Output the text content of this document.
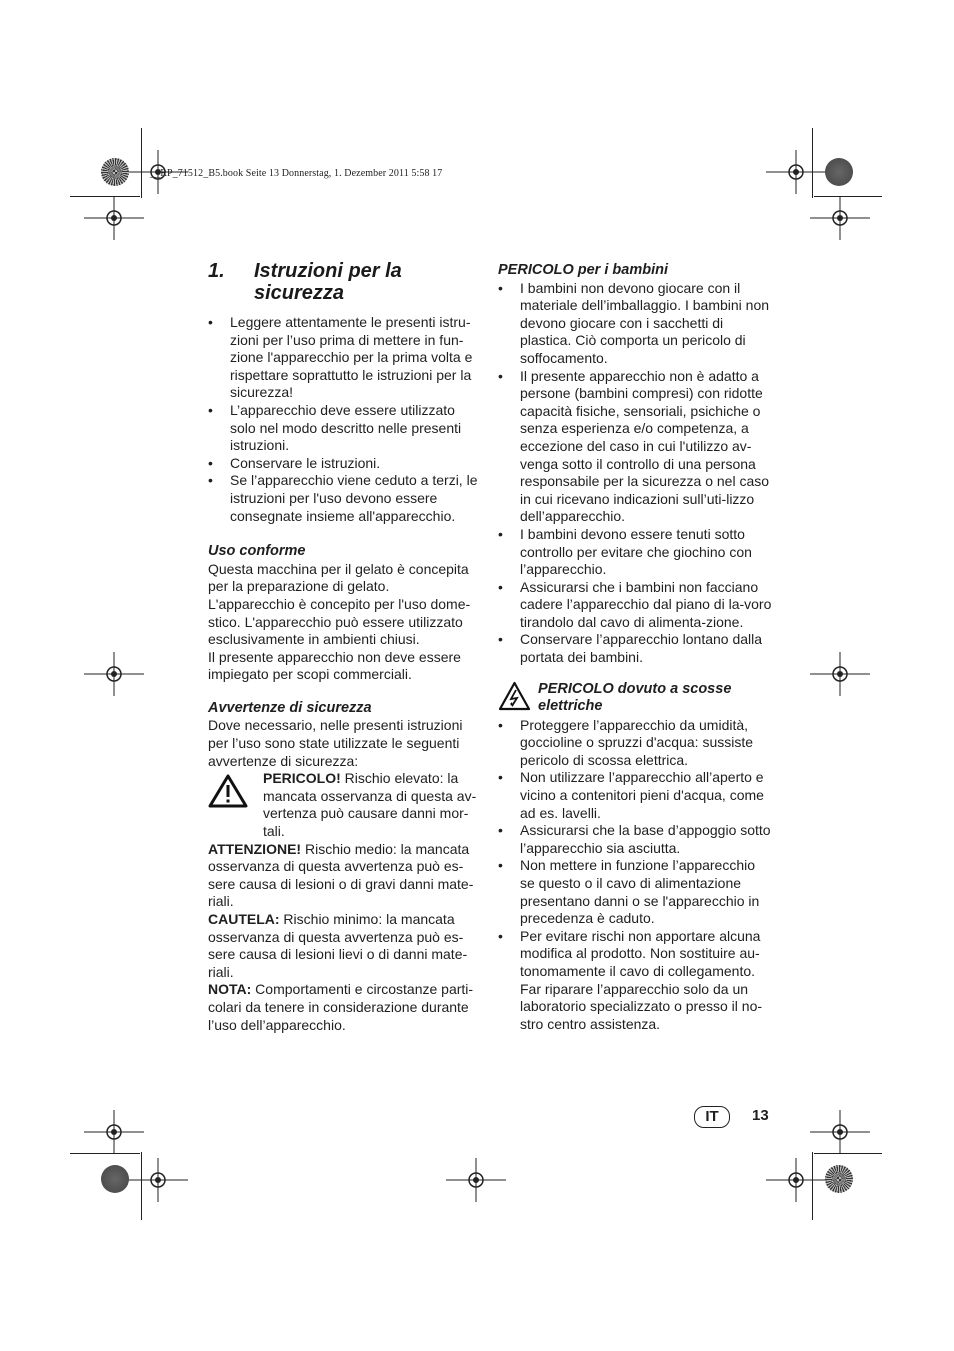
__RP_71512_B5.book Seite 13 Donnerstag, 1. Dezember 2011 5:58 17
1. Istruzioni per la sicurezza
• Leggere attentamente le presenti istru-zioni per l’uso prima di mettere in fun-zione l'apparecchio per la prima volta e rispettare soprattutto le istruzioni per la sicurezza!
• L’apparecchio deve essere utilizzato solo nel modo descritto nelle presenti istruzioni.
• Conservare le istruzioni.
• Se l’apparecchio viene ceduto a terzi, le istruzioni per l'uso devono essere consegnate insieme all'apparecchio.

Uso conforme

Questa macchina per il gelato è concepita per la preparazione di gelato.

L'apparecchio è concepito per l'uso dome-stico. L'apparecchio può essere utilizzato esclusivamente in ambienti chiusi.

Il presente apparecchio non deve essere impiegato per scopi commerciali.

Avvertenze di sicurezza

Dove necessario, nelle presenti istruzioni per l’uso sono state utilizzate le seguenti avvertenze di sicurezza:

PERICOLO! Rischio elevato: la mancata osservanza di questa av-vertenza può causare danni mor-tali.

ATTENZIONE! Rischio medio: la mancata osservanza di questa avvertenza può es-sere causa di lesioni o di gravi danni mate-riali.

CAUTELA: Rischio minimo: la mancata osservanza di questa avvertenza può es-sere causa di lesioni lievi o di danni mate-riali.

NOTA: Comportamenti e circostanze parti-colari da tenere in considerazione durante l’uso dell’apparecchio.

PERICOLO per i bambini

• I bambini non devono giocare con il materiale dell’imballaggio. I bambini non devono giocare con i sacchetti di plastica. Ciò comporta un pericolo di soffocamento.
• Il presente apparecchio non è adatto a persone (bambini compresi) con ridotte capacità fisiche, sensoriali, psichiche o senza esperienza e/o competenza, a eccezione del caso in cui l'utilizzo av-venga sotto il controllo di una persona responsabile per la sicurezza o nel caso in cui ricevano indicazioni sull’uti-lizzo dell’apparecchio.
• I bambini devono essere tenuti sotto controllo per evitare che giochino con l’apparecchio.
• Assicurarsi che i bambini non facciano cadere l’apparecchio dal piano di la-voro tirandolo dal cavo di alimenta-zione.
• Conservare l’apparecchio lontano dalla portata dei bambini.

PERICOLO dovuto a scosse elettriche

• Proteggere l’apparecchio da umidità, goccioline o spruzzi d'acqua: sussiste pericolo di scossa elettrica.
• Non utilizzare l’apparecchio all’aperto e vicino a contenitori pieni d'acqua, come ad es. lavelli.
• Assicurarsi che la base d’appoggio sotto l’apparecchio sia asciutta.
• Non mettere in funzione l’apparecchio se questo o il cavo di alimentazione presentano danni o se l'apparecchio in precedenza è caduto.
• Per evitare rischi non apportare alcuna modifica al prodotto. Non sostituire au-tonomamente il cavo di collegamento. Far riparare l’apparecchio solo da un laboratorio specializzato o presso il no-stro centro assistenza.
IT	13
